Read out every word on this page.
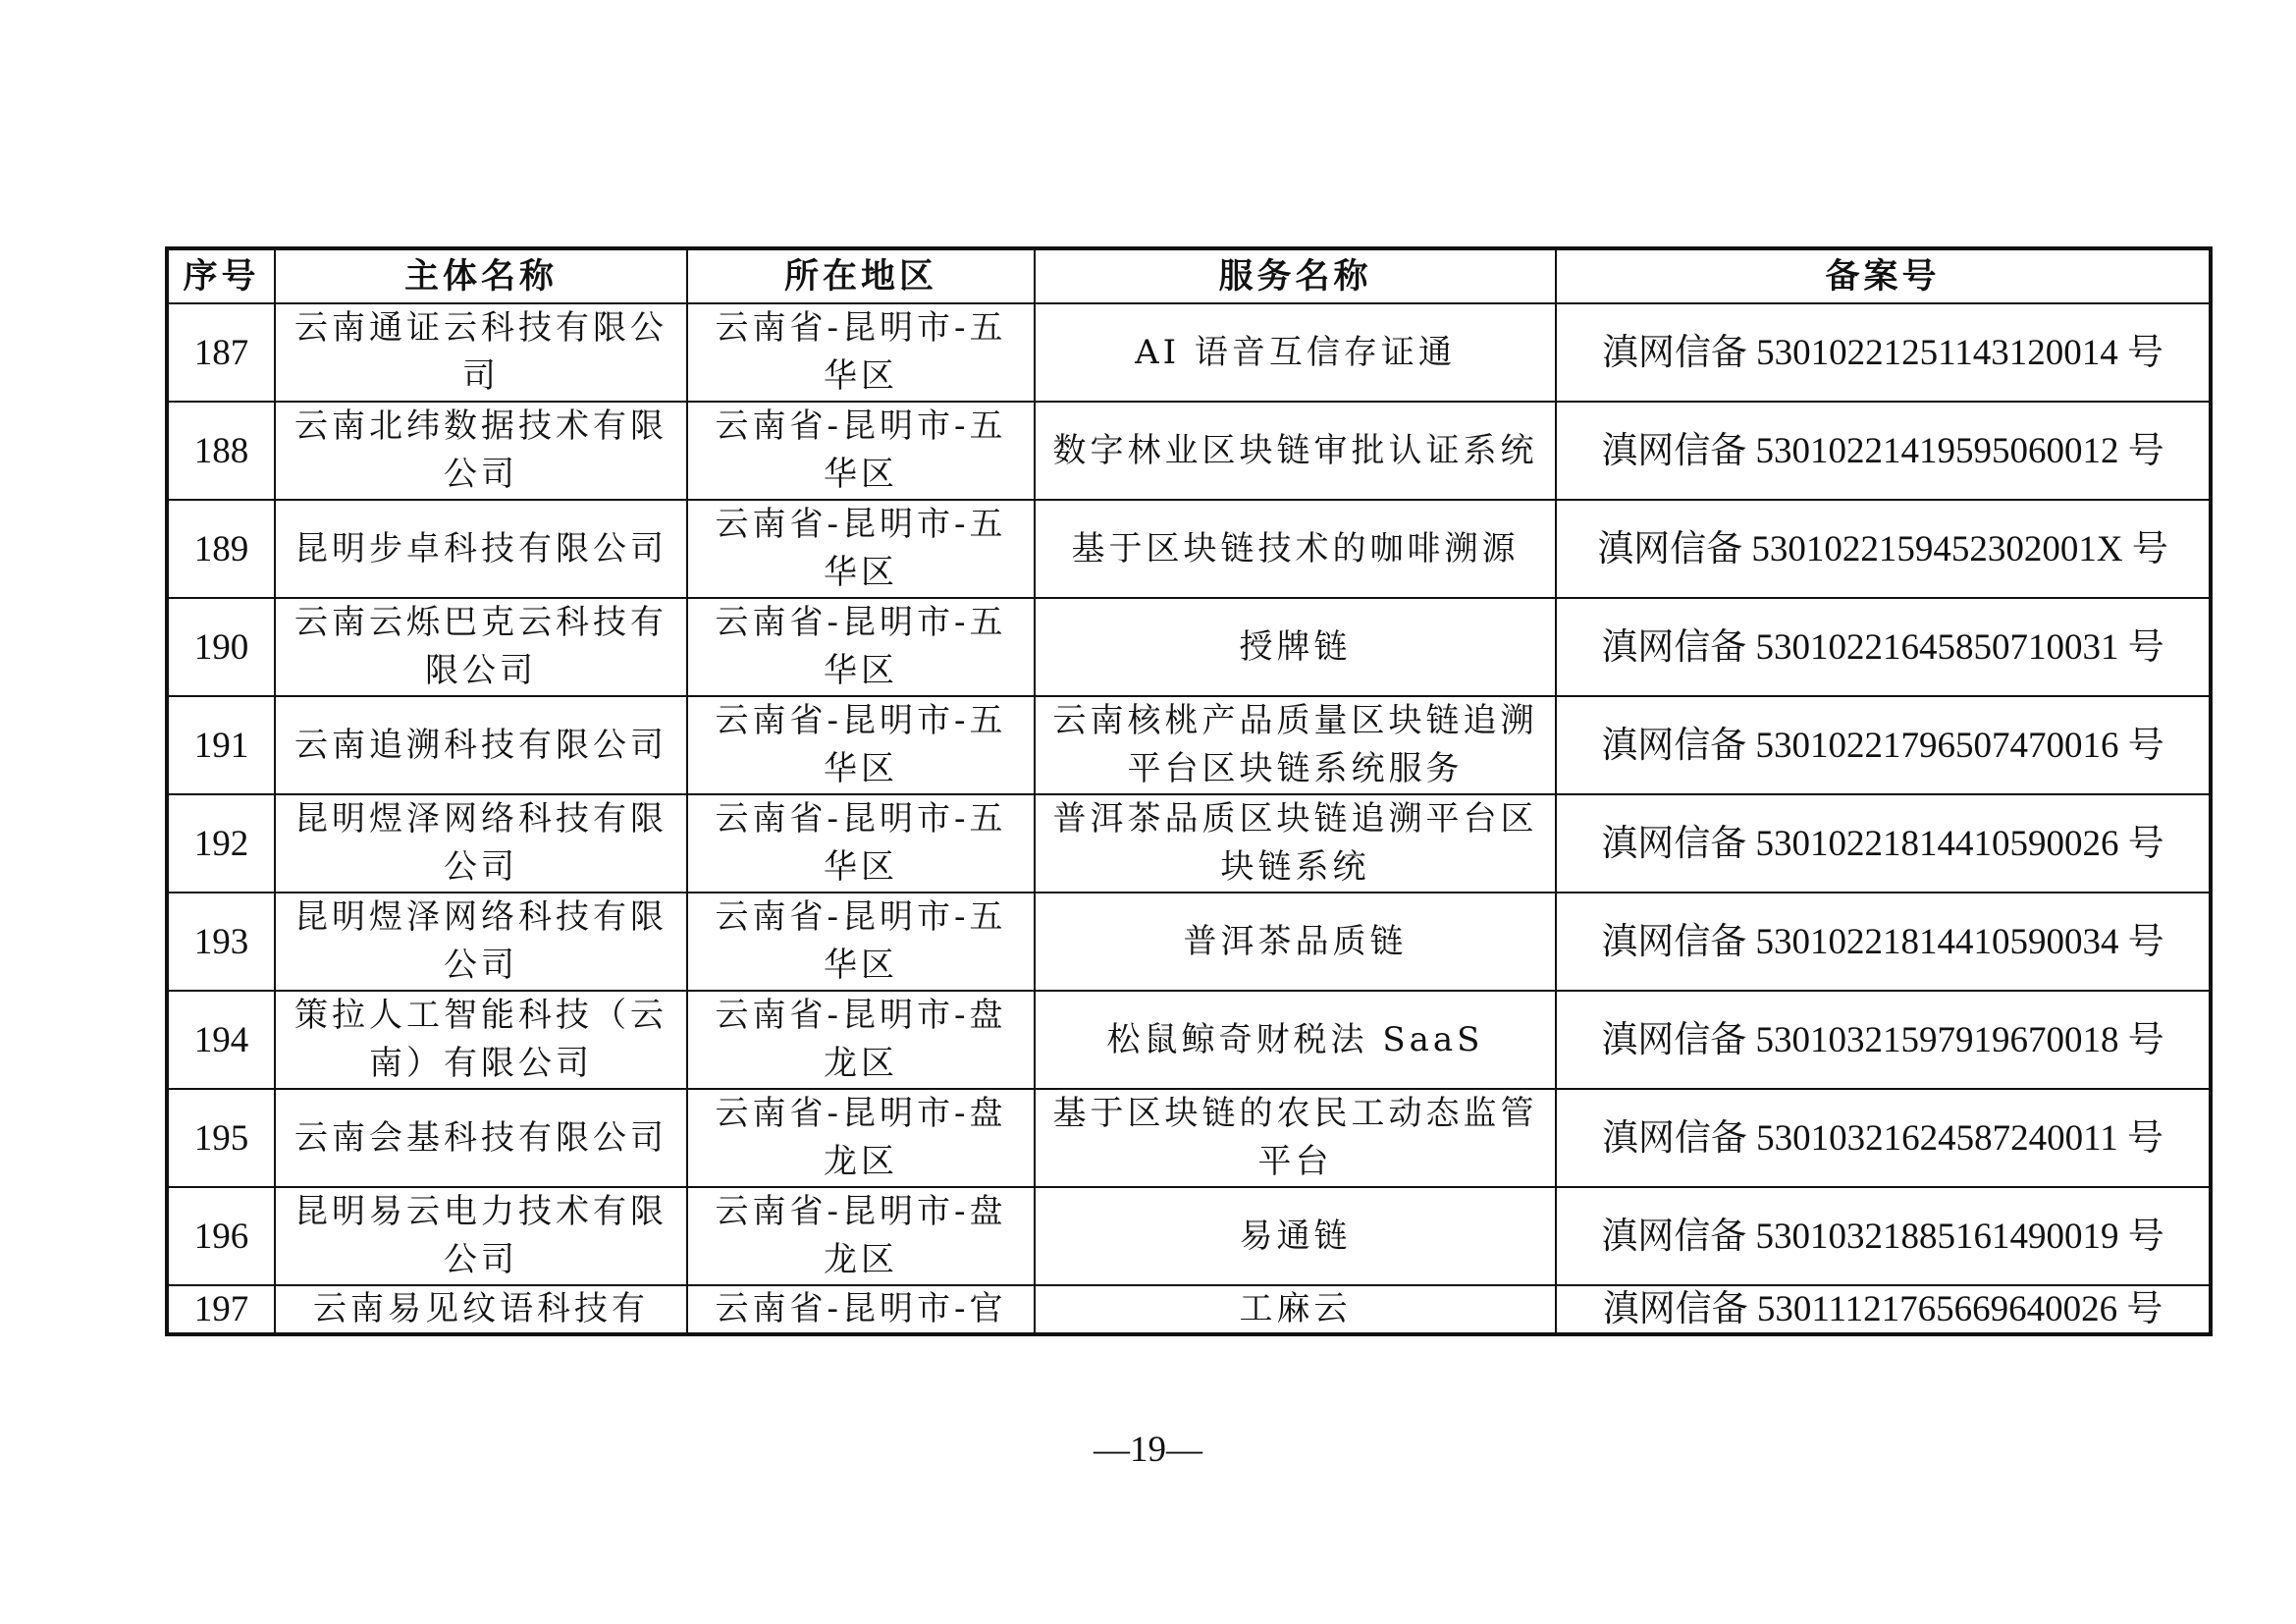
序号	主体名称	所在地区	服务名称	备案号
187	云南通证云科技有限公司	云南省-昆明市-五华区	AI 语音互信存证通	滇网信备 53010221251143120014 号
188	云南北纬数据技术有限公司	云南省-昆明市-五华区	数字林业区块链审批认证系统	滇网信备 53010221419595060012 号
189	昆明步卓科技有限公司	云南省-昆明市-五华区	基于区块链技术的咖啡溯源	滇网信备 5301022159452302001X 号
190	云南云烁巴克云科技有限公司	云南省-昆明市-五华区	授牌链	滇网信备 53010221645850710031 号
191	云南追溯科技有限公司	云南省-昆明市-五华区	云南核桃产品质量区块链追溯平台区块链系统服务	滇网信备 53010221796507470016 号
192	昆明煜泽网络科技有限公司	云南省-昆明市-五华区	普洱茶品质区块链追溯平台区块链系统	滇网信备 53010221814410590026 号
193	昆明煜泽网络科技有限公司	云南省-昆明市-五华区	普洱茶品质链	滇网信备 53010221814410590034 号
194	策拉人工智能科技（云南）有限公司	云南省-昆明市-盘龙区	松鼠鲸奇财税法 SaaS	滇网信备 53010321597919670018 号
195	云南会基科技有限公司	云南省-昆明市-盘龙区	基于区块链的农民工动态监管平台	滇网信备 53010321624587240011 号
196	昆明易云电力技术有限公司	云南省-昆明市-盘龙区	易通链	滇网信备 53010321885161490019 号
197	云南易见纹语科技有	云南省-昆明市-官	工麻云	滇网信备 53011121765669640026 号
—19—
